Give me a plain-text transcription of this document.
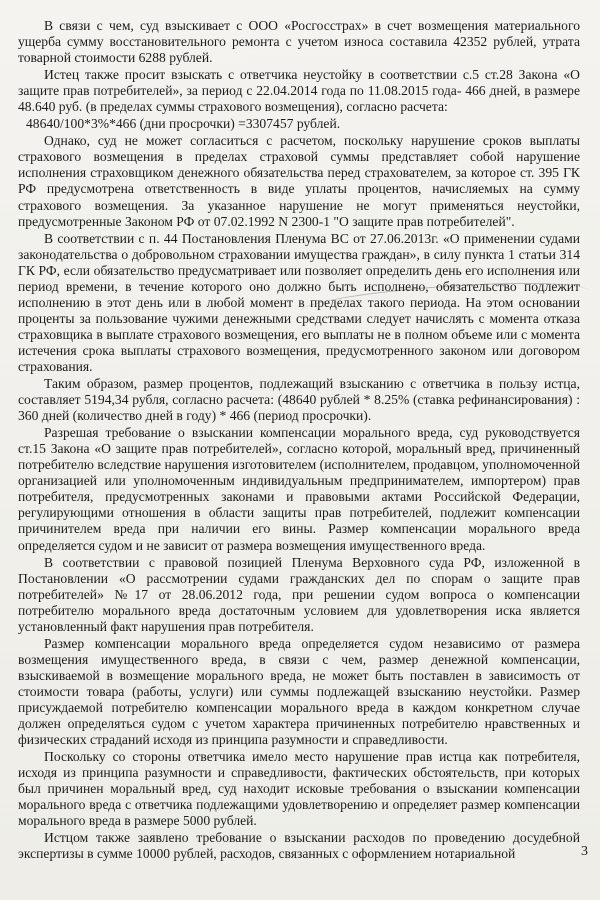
В связи с чем, суд взыскивает с ООО «Росгосстрах» в счет возмещения материального ущерба сумму восстановительного ремонта с учетом износа составила 42352 рублей, утрата товарной стоимости 6288 рублей.

Истец также просит взыскать с ответчика неустойку в соответствии с.5 ст.28 Закона «О защите прав потребителей», за период с 22.04.2014 года по 11.08.2015 года- 466 дней, в размере 48.640 руб. (в пределах суммы страхового возмещения), согласно расчета:

48640/100*3%*466 (дни просрочки) =3307457 рублей.

Однако, суд не может согласиться с расчетом, поскольку нарушение сроков выплаты страхового возмещения в пределах страховой суммы представляет собой нарушение исполнения страховщиком денежного обязательства перед страхователем, за которое ст. 395 ГК РФ предусмотрена ответственность в виде уплаты процентов, начисляемых на сумму страхового возмещения. За указанное нарушение не могут применяться неустойки, предусмотренные Законом РФ от 07.02.1992 N 2300-1 "О защите прав потребителей".

В соответствии с п. 44 Постановления Пленума ВС от 27.06.2013г. «О применении судами законодательства о добровольном страховании имущества граждан», в силу пункта 1 статьи 314 ГК РФ, если обязательство предусматривает или позволяет определить день его исполнения или период времени, в течение которого оно должно быть исполнено, обязательство подлежит исполнению в этот день или в любой момент в пределах такого периода. На этом основании проценты за пользование чужими денежными средствами следует начислять с момента отказа страховщика в выплате страхового возмещения, его выплаты не в полном объеме или с момента истечения срока выплаты страхового возмещения, предусмотренного законом или договором страхования.

Таким образом, размер процентов, подлежащий взысканию с ответчика в пользу истца, составляет 5194,34 рубля, согласно расчета: (48640 рублей * 8.25% (ставка рефинансирования) : 360 дней (количество дней в году) * 466 (период просрочки).

Разрешая требование о взыскании компенсации морального вреда, суд руководствуется ст.15 Закона «О защите прав потребителей», согласно которой, моральный вред, причиненный потребителю вследствие нарушения изготовителем (исполнителем, продавцом, уполномоченной организацией или уполномоченным индивидуальным предпринимателем, импортером) прав потребителя, предусмотренных законами и правовыми актами Российской Федерации, регулирующими отношения в области защиты прав потребителей, подлежит компенсации причинителем вреда при наличии его вины. Размер компенсации морального вреда определяется судом и не зависит от размера возмещения имущественного вреда.

В соответствии с правовой позицией Пленума Верховного суда РФ, изложенной в Постановлении «О рассмотрении судами гражданских дел по спорам о защите прав потребителей» №17 от 28.06.2012 года, при решении судом вопроса о компенсации потребителю морального вреда достаточным условием для удовлетворения иска является установленный факт нарушения прав потребителя.

Размер компенсации морального вреда определяется судом независимо от размера возмещения имущественного вреда, в связи с чем, размер денежной компенсации, взыскиваемой в возмещение морального вреда, не может быть поставлен в зависимость от стоимости товара (работы, услуги) или суммы подлежащей взысканию неустойки. Размер присуждаемой потребителю компенсации морального вреда в каждом конкретном случае должен определяться судом с учетом характера причиненных потребителю нравственных и физических страданий исходя из принципа разумности и справедливости.

Поскольку со стороны ответчика имело место нарушение прав истца как потребителя, исходя из принципа разумности и справедливости, фактических обстоятельств, при которых был причинен моральный вред, суд находит исковые требования о взыскании компенсации морального вреда с ответчика подлежащими удовлетворению и определяет размер компенсации морального вреда в размере 5000 рублей.

Истцом также заявлено требование о взыскании расходов по проведению досудебной экспертизы в сумме 10000 рублей, расходов, связанных с оформлением нотариальной	3
